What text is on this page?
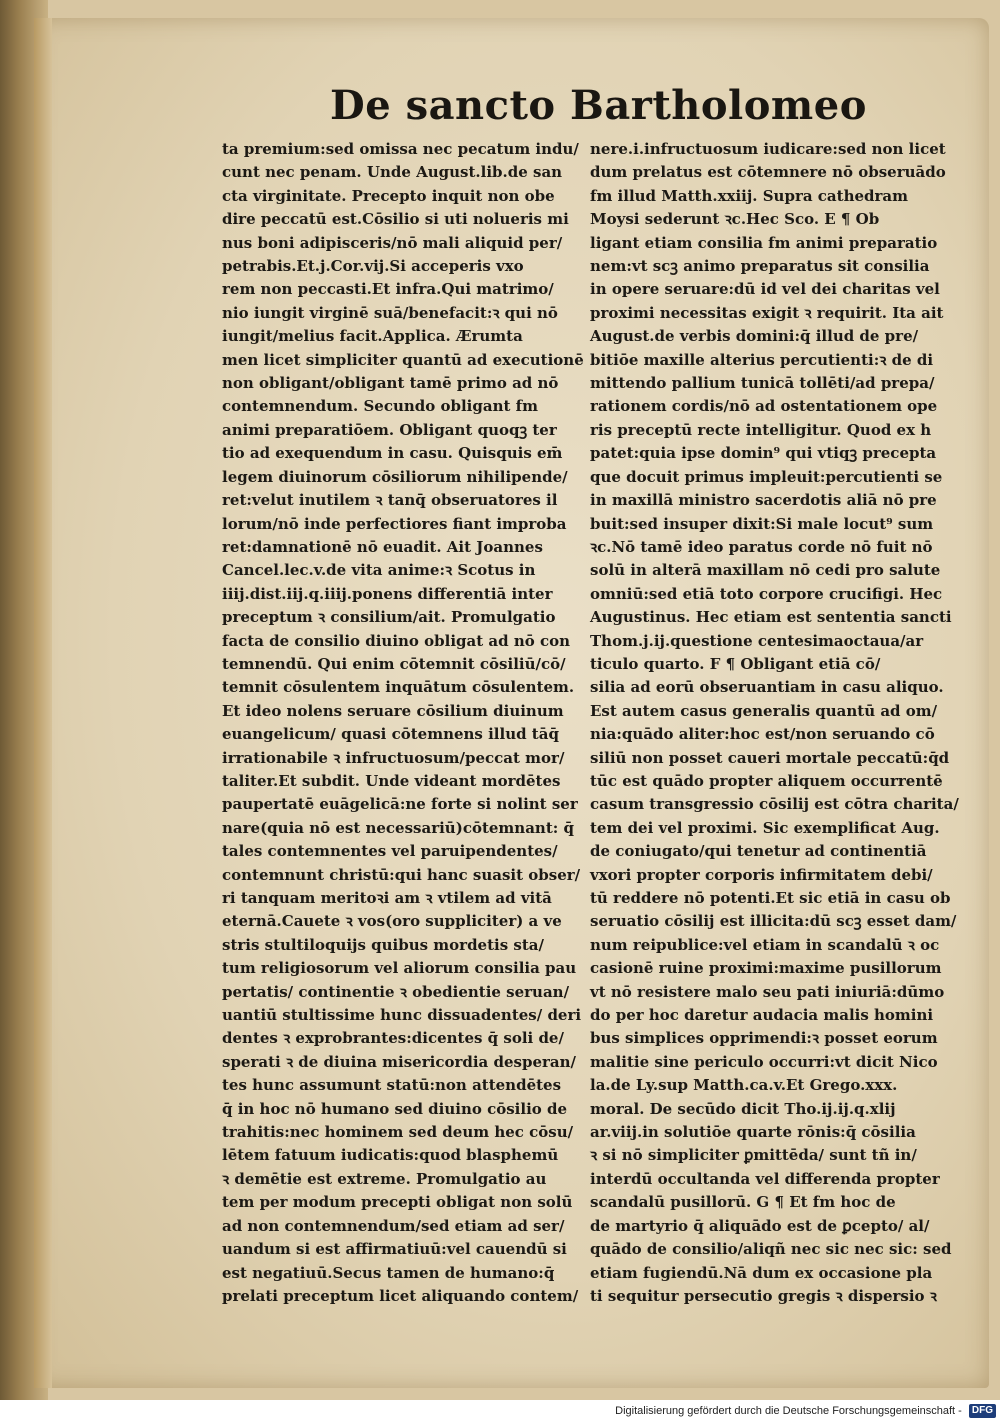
De sancto Bartholomeo
ta premium:sed omissa nec pecatum indu/
cunt nec penam. Unde August.lib.de san
cta virginitate. Precepto inquit non obe
dire peccatū est.Cōsilio si uti nolueris mi
nus boni adipisceris/nō mali aliquid per/
petrabis.Et.j.Cor.vij.Si acceperis vxo
rem non peccasti.Et infra.Qui matrimo/
nio iungit virginē suā/benefacit:ꝛ qui nō
iungit/melius facit.Applica. Ærumta
men licet simpliciter quantū ad executionē
non obligant/obligant tamē primo ad nō
contemnendum. Secundo obligant fm
animi preparatiōem. Obligant quoqꝫ ter
tio ad exequendum in casu. Quisquis em̄
legem diuinorum cōsiliorum nihilipende/
ret:velut inutilem ꝛ tanq̄ obseruatores il
lorum/nō inde perfectiores fiant improba
ret:damnationē nō euadit. Ait Joannes
Cancel.lec.v.de vita anime:ꝛ Scotus in
iiij.dist.iij.q.iiij.ponens differentiā inter
preceptum ꝛ consilium/ait. Promulgatio
facta de consilio diuino obligat ad nō con
temnendū. Qui enim cōtemnit cōsiliū/cō/
temnit cōsulentem inquātum cōsulentem.
Et ideo nolens seruare cōsilium diuinum
euangelicum/ quasi cōtemnens illud tāq̄
irrationabile ꝛ infructuosum/peccat mor/
taliter.Et subdit. Unde videant mordētes
paupertatē euāgelicā:ne forte si nolint ser
nare(quia nō est necessariū)cōtemnant: q̄
tales contemnentes vel paruipendentes/
contemnunt christū:qui hanc suasit obser/
ri tanquam meritoꝛi am ꝛ vtilem ad vitā
eternā.Cauete ꝛ vos(oro suppliciter) a ve
stris stultiloquijs quibus mordetis sta/
tum religiosorum vel aliorum consilia pau
pertatis/ continentie ꝛ obedientie seruan/
uantiū stultissime hunc dissuadentes/ deri
dentes ꝛ exprobrantes:dicentes q̄ soli de/
sperati ꝛ de diuina misericordia desperan/
tes hunc assumunt statū:non attendētes
q̄ in hoc nō humano sed diuino cōsilio de
trahitis:nec hominem sed deum hec cōsu/
lētem fatuum iudicatis:quod blasphemū
ꝛ demētie est extreme. Promulgatio au
tem per modum precepti obligat non solū
ad non contemnendum/sed etiam ad ser/
uandum si est affirmatiuū:vel cauendū si
est negatiuū.Secus tamen de humano:q̄
prelati preceptum licet aliquando contem/
nere.i.infructuosum iudicare:sed non licet
dum prelatus est cōtemnere nō obseruādo
fm illud Matth.xxiij. Supra cathedram
Moysi sederunt ꝛc.Hec Sco. E ¶ Ob
ligant etiam consilia fm animi preparatio
nem:vt scꝫ animo preparatus sit consilia
in opere seruare:dū id vel dei charitas vel
proximi necessitas exigit ꝛ requirit. Ita ait
August.de verbis domini:q̄ illud de pre/
bitiōe maxille alterius percutienti:ꝛ de di
mittendo pallium tunicā tollēti/ad prepa/
rationem cordis/nō ad ostentationem ope
ris preceptū recte intelligitur. Quod ex h
patet:quia ipse domin⁹ qui vtiqꝫ precepta
que docuit primus impleuit:percutienti se
in maxillā ministro sacerdotis aliā nō pre
buit:sed insuper dixit:Si male locut⁹ sum
ꝛc.Nō tamē ideo paratus corde nō fuit nō
solū in alterā maxillam nō cedi pro salute
omniū:sed etiā toto corpore crucifigi. Hec
Augustinus. Hec etiam est sententia sancti
Thom.j.ij.questione centesimaoctaua/ar
ticulo quarto. F ¶ Obligant etiā cō/
silia ad eorū obseruantiam in casu aliquo.
Est autem casus generalis quantū ad om/
nia:quādo aliter:hoc est/non seruando cō
siliū non posset caueri mortale peccatū:q̄d
tūc est quādo propter aliquem occurrentē
casum transgressio cōsilij est cōtra charita/
tem dei vel proximi. Sic exemplificat Aug.
de coniugato/qui tenetur ad continentiā
vxori propter corporis infirmitatem debi/
tū reddere nō potenti.Et sic etiā in casu ob
seruatio cōsilij est illicita:dū scꝫ esset dam/
num reipublice:vel etiam in scandalū ꝛ oc
casionē ruine proximi:maxime pusillorum
vt nō resistere malo seu pati iniuriā:dūmo
do per hoc daretur audacia malis homini
bus simplices opprimendi:ꝛ posset eorum
malitie sine periculo occurri:vt dicit Nico
la.de Ly.sup Matth.ca.v.Et Grego.xxx.
moral. De secūdo dicit Tho.ij.ij.q.xlij
ar.viij.in solutiōe quarte rōnis:q̄ cōsilia
ꝛ si nō simpliciter ꝑmittēda/ sunt tñ in/
interdū occultanda vel differenda propter
scandalū pusillorū. G ¶ Et fm hoc de
de martyrio q̄ aliquādo est de ꝑcepto/ al/
quādo de consilio/aliqñ nec sic nec sic: sed
etiam fugiendū.Nā dum ex occasione pla
ti sequitur persecutio gregis ꝛ dispersio ꝛ
Digitalisierung gefördert durch die Deutsche Forschungsgemeinschaft - DFG
